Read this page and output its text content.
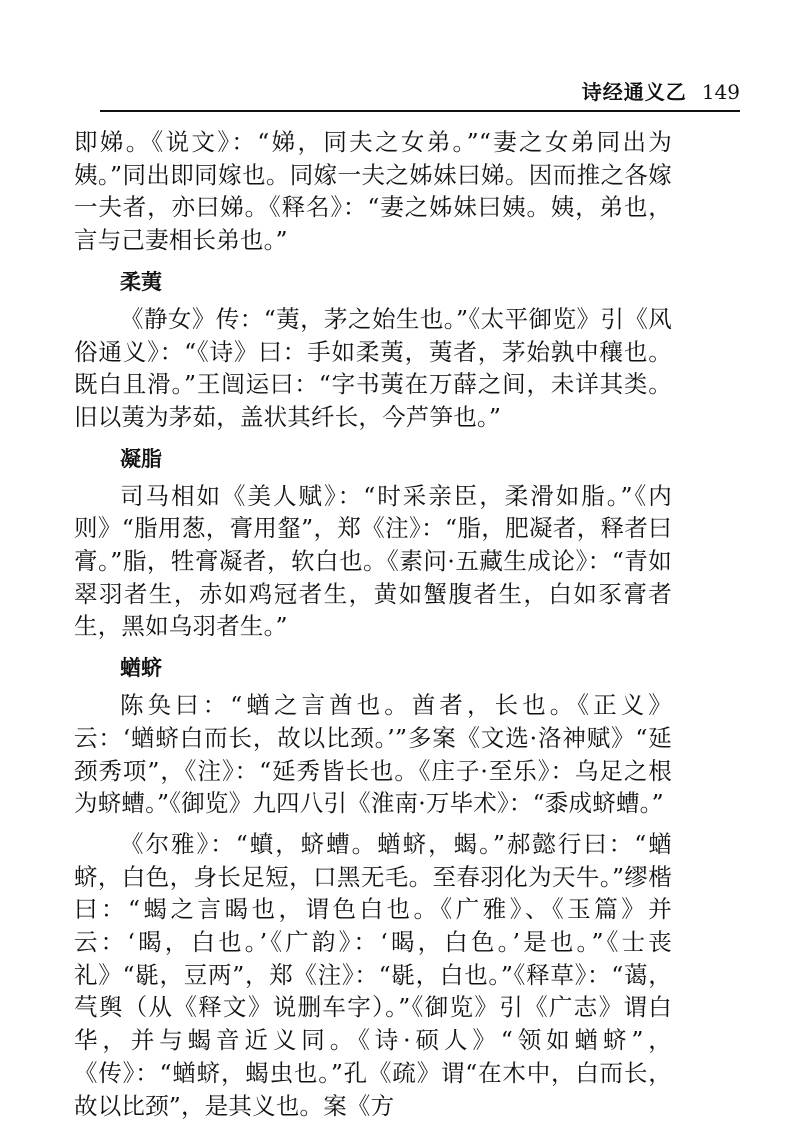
诗经通义乙 149

即娣。《说文》：“娣，同夫之女弟。”“妻之女弟同出为姨。”同出即同嫁也。同嫁一夫之姊妹曰娣。因而推之各嫁一夫者，亦曰娣。《释名》：“妻之姊妹曰姨。姨，弟也，言与己妻相长弟也。”

柔荑

《静女》传：“荑，茅之始生也。”《太平御览》引《风俗通义》：“《诗》曰：手如柔荑，荑者，茅始孰中穰也。既白且滑。”王闿运曰：“字书荑在万薛之间，未详其类。旧以荑为茅茹，盖状其纤长，今芦笋也。”

凝脂

司马相如《美人赋》：“时采亲臣，柔滑如脂。”《内则》“脂用葱，膏用韰”，郑《注》：“脂，肥凝者，释者曰膏。”脂，牲膏凝者，软白也。《素问·五藏生成论》：“青如翠羽者生，赤如鸡冠者生，黄如蟹腹者生，白如豕膏者生，黑如乌羽者生。”

蝤蛴

陈奂曰：“蝤之言酋也。酋者，长也。《正义》云：‘蝤蛴白而长，故以比颈。’”多案《文选·洛神赋》“延颈秀项”，《注》：“延秀皆长也。《庄子·至乐》：乌足之根为蛴螬。”《御览》九四八引《淮南·万毕术》：“黍成蛴螬。”

《尔雅》：“蟦，蛴螬。蝤蛴，蝎。”郝懿行曰：“蝤蛴，白色，身长足短，口黑无毛。至春羽化为天牛。”缪楷曰：“蝎之言暍也，谓色白也。《广雅》、《玉篇》并云：‘暍，白也。’《广韵》：‘暍，白色。’是也。”《士丧礼》“毼，豆两”，郑《注》：“毼，白也。”《释草》：“蔼，芞舆（从《释文》说删车字）。”《御览》引《广志》谓白华，并与蝎音近义同。《诗·硕人》“领如蝤蛴”，《传》：“蝤蛴，蝎虫也。”孔《疏》谓“在木中，白而长，故以比颈”，是其义也。案《方
